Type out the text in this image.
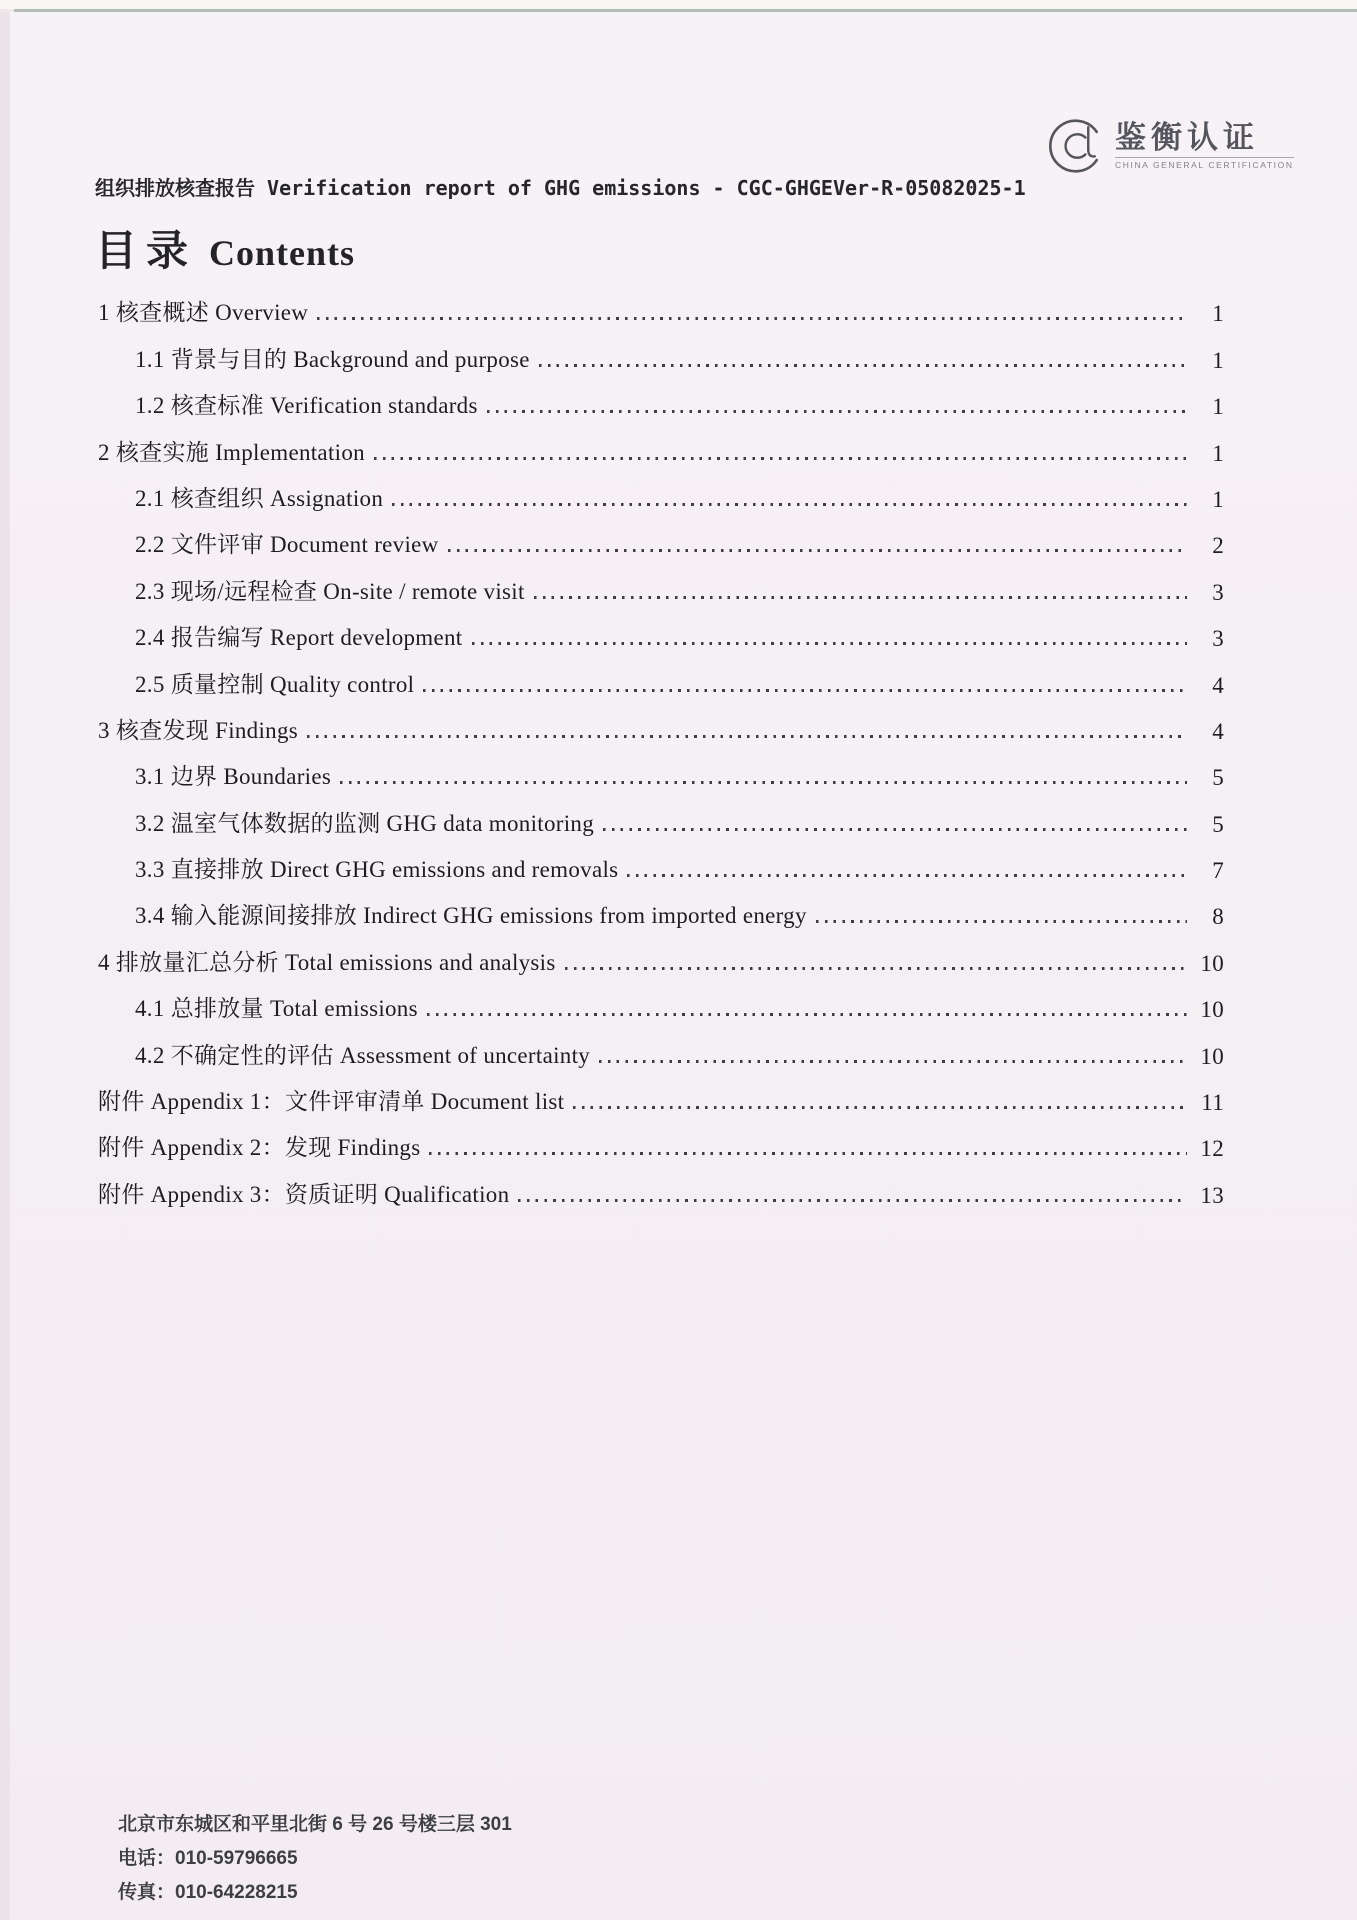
鉴衡认证
CHINA GENERAL CERTIFICATION
组织排放核查报告 Verification report of GHG emissions - CGC-GHGEVer-R-05082025-1
目录 Contents
1 核查概述 Overview	1
1.1 背景与目的 Background and purpose	1
1.2 核查标准 Verification standards	1
2 核查实施 Implementation	1
2.1 核查组织 Assignation	1
2.2 文件评审 Document review	2
2.3 现场/远程检查 On-site / remote visit	3
2.4 报告编写 Report development	3
2.5 质量控制 Quality control	4
3 核查发现 Findings	4
3.1 边界 Boundaries	5
3.2 温室气体数据的监测 GHG data monitoring	5
3.3 直接排放 Direct GHG emissions and removals	7
3.4 输入能源间接排放 Indirect GHG emissions from imported energy	8
4 排放量汇总分析 Total emissions and analysis	10
4.1 总排放量 Total emissions	10
4.2 不确定性的评估 Assessment of uncertainty	10
附件 Appendix 1：文件评审清单 Document list	11
附件 Appendix 2：发现 Findings	12
附件 Appendix 3：资质证明 Qualification	13
北京市东城区和平里北街 6 号 26 号楼三层 301
电话：010-59796665
传真：010-64228215
